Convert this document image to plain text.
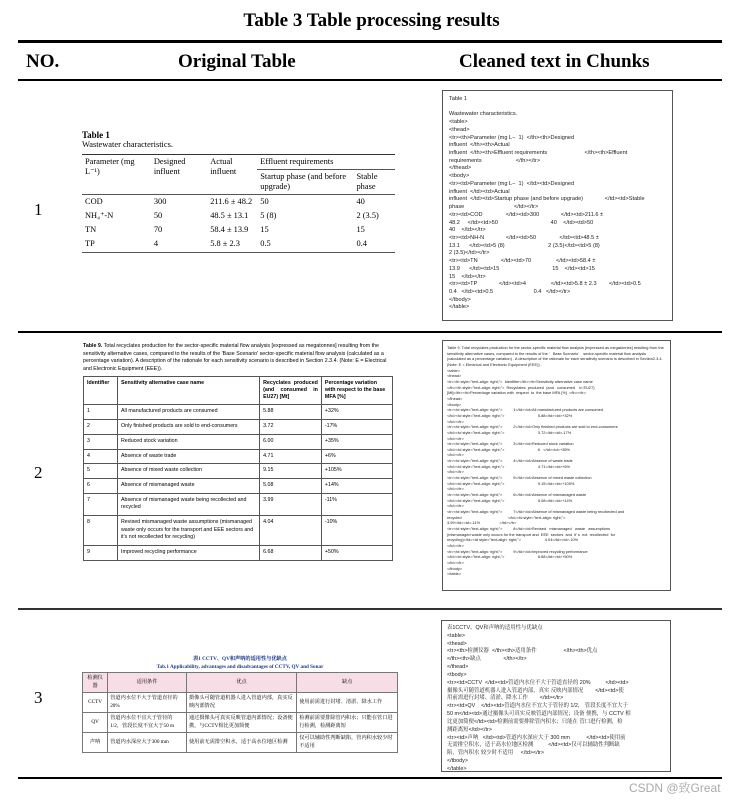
Table 3 Table processing results
NO.	Original Table	Cleaned text in Chunks
1
Table 1
Wastewater characteristics.
Parameter (mg L⁻¹)	Designed influent	Actual influent	Effluent requirements	
			Startup phase (and before upgrade)	Stable phase
COD	300	211.6 ± 48.2	50	40
NH₄⁺-N	50	48.5 ± 13.1	5 (8)	2 (3.5)
TN	70	58.4 ± 13.9	15	15
TP	4	5.8 ± 2.3	0.5	0.4
Table 1

Wastewater characteristics.
<table>
<thead>
<tr><th>Parameter (mg L−  1)  </th><th>Designed
influent  </th><th>Actual
influent  </th><th>Effluent requirements                        </th><th>Effluent
requirements                      </th></tr>
</thead>
<tbody>
<tr><td>Parameter (mg L−  1)  </td><td>Designed
influent  </td><td>Actual
influent  </td><td>Startup phase (and before upgrade)              </td><td>Stable
phase                                </td></tr>
<tr><td>COD               </td><td>300              </td><td>211.6 ±
48.2     </td><td>50                                  40    </td><td>50
40    </td></tr>
<tr><td>NH-N              </td><td>50               </td><td>48.5 ±
13.1      </td><td>5 (8)                            2 (3.5)</td><td>5 (8)
2 (3.5)</td></tr>
<tr><td>TN               </td><td>70                </td><td>58.4 ±
13.9      </td><td>15                                  15    </td><td>15
15    </td></tr>
<tr><td>TP              </td><td>4                </td><td>5.8 ± 2.3        </td><td>0.5
0.4   </td><td>0.5                          0.4   </td></tr>
</tbody>
</table>
2

Table 9. Total recyclates production for the sector-specific material flow analysis [expressed as megatonnes] resulting from the sensitivity alternative cases, compared to the results of the 'Base Scenario' sector-specific material flow analysis (calculated as a percentage variation). A description of the rationale for each sensitivity scenario is described in Section 2.3.4. (Note: E = Electrical and Electronic Equipment (EEE)).

Identifier	Sensitivity alternative case name	Recyclates produced (and consumed in EU27) [Mt]	Percentage variation with respect to the base MFA [%]
1	All manufactured products are consumed	5.88	+32%
2	Only finished products are sold to end-consumers	3.72	-17%
3	Reduced stock variation	6.00	+35%
4	Absence of waste trade	4.71	+6%
5	Absence of mixed waste collection	9.15	+105%
6	Absence of mismanaged waste	5.08	+14%
7	Absence of mismanaged waste being recollected and recycled	3.99	-11%
8	Revised mismanaged waste assumptions (mismanaged waste only occurs for the transport and EEE sectors and it's not recollected for recycling)	4.04	-10%
9	Improved recycling performance	6.68	+50%
Table 9. Total recyclates production for the sector-specific material flow analysis [expressed as megatonnes] resulting from the sensitivity alternative cases, compared to the results of the '   Base Scenario'    sector-specific material flow analysis (calculated as a percentage variation) . A description of the rationale for each sensitivity scenario is described in Section2.3.4. (Note: E = Electrical and Electronic Equipment (EEE)) .
<table>
<thead>
<tr><th style="text-align: right;">  Identifier</th><th>Sensitivity alternative case name
</th><th style="text-align: right;">  Recyclates  produced  (and   consumed    in EU27)
[Mt]</th><th>Percentage variation with  respect  to  the base MFA [%]  </th></tr>
</thead>
<tbody>
<tr><td style="text-align: right;">          1</td><td>All manufactured products are consumed
</td><td style="text-align: right;">                               5.88</td><td>+32%
</td></tr>
<tr><td style="text-align: right;">          2</td><td>Only finished products are sold to end-consumers
</td><td style="text-align: right;">                               3.72</td><td>-17%
</td></tr>
<tr><td style="text-align: right;">          3</td><td>Reduced stock variation
</td><td style="text-align: right;">                               6   </td><td>+35%
</td></tr>
<tr><td style="text-align: right;">          4</td><td>Absence of waste trade
</td><td style="text-align: right;">                               4.71</td><td>+6%
</td></tr>
<tr><td style="text-align: right;">          5</td><td>Absence of mixed waste collection
</td><td style="text-align: right;">                               9.15</td><td>+105%
</td></tr>
<tr><td style="text-align: right;">          6</td><td>Absence of mismanaged waste
</td><td style="text-align: right;">                               5.08</td><td>+14%
</td></tr>
<tr><td style="text-align: right;">          7</td><td>Absence of mismanaged waste being recollected and
recycled                                           </td><td style="text-align: right;">
3.99</td><td>-11%                  </td></tr>
<tr><td style="text-align: right;">          8</td><td>Revised   mismanaged   waste   assumptions
(mismanaged waste only occurs for the transport and  EEE  sectors  and  it' s  not  recollected  for
recycling)</td><td style="text-align: right;">                      4.04</td><td>-10%
</td></tr>
<tr><td style="text-align: right;">          9</td><td>Improved recycling performance
</td><td style="text-align: right;">                               6.68</td><td>+50%
</td></tr>
</tbody>
</table>
3
表1 CCTV、QV和声呐的适用性与优缺点
Tab.1 Applicability, advantages and disadvantages of CCTV, QV and Sonar
检测仪器	适用条件	优点	缺点
CCTV	管道内水位不大于管道直径的20%	摄像头可随管道机器人进入管道内部，真实反映内部情况	使用前需进行封堵、清淤、降水工作
QV	管道内水位不宜大于管径的1/2，管段长度不宜大于50 m	通过摄像头可真实反映管道内部情况；设备便携，与CCTV相比更加简便	检测前需要排除管内积水；只能在管口进行检测，检测距离短
声呐	管道内水深应大于300 mm	使用前无需排空积水，适于高水位地区检测	仅可以辅助性判断缺陷，管内积水较少时不适用
表1CCTV、QV和声呐的适用性与优缺点
<table>
<thead>
<tr><th>检测仪器  </th><th>适用条件                  </th><th>优点
</th><th>缺点               </th></tr>
</thead>
<tbody>
<tr><td>CCTV  </td><td>管道内水位不大于管道直径的 20%          </td><td>
摄像头可随管道机器人进入管道内部，真实 反映内部情况        </td><td>使
用前需进行封堵、清淤、降水工作        </td></tr>
<tr><td>QV    </td><td>管道内水位不宜大于管径的 1/2， 管段长度不宜大于
50 m</td><td>通过摄像头可真实反映管道内部情况；设备 便携，与 CCTV 相
比更加简便</td><td>检测前需要排除管内积水；只能在 管口进行检测，检
测距离短</td></tr>
<tr><td>声呐   </td><td>管道内水深应大于 300 mm           </td><td>使用前
无需排空积水，适于高水位地区检测          </td><td>仅可以辅助性判断缺
陷，管内积水 较少时不适用     </td></tr>
</tbody>
</table>
CSDN @致Great
